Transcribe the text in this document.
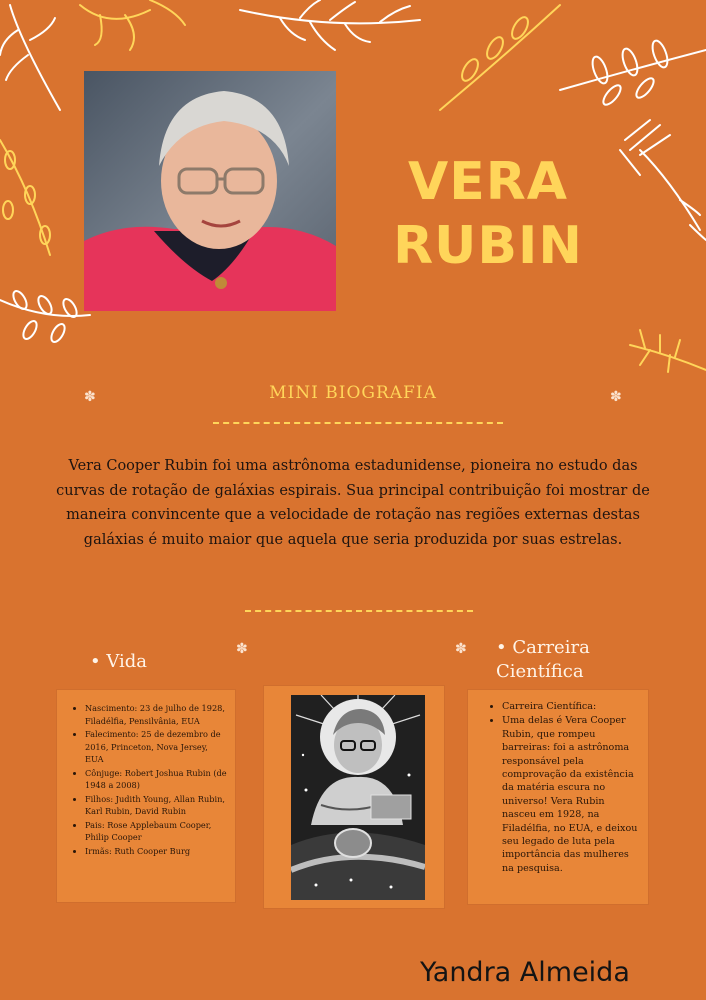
VERA
RUBIN
✽	✽
MINI BIOGRAFIA
Vera Cooper Rubin foi uma astrônoma estadunidense, pioneira no estudo das curvas de rotação de galáxias espirais. Sua principal contribuição foi mostrar de maneira convincente que a velocidade de rotação nas regiões externas destas galáxias é muito maior que aquela que seria produzida por suas estrelas.
✽	✽
• Vida
• Carreira
Científica
• Nascimento: 23 de julho de 1928, Filadélfia, Pensilvânia, EUA
• Falecimento: 25 de dezembro de 2016, Princeton, Nova Jersey, EUA
• Cônjuge: Robert Joshua Rubin (de 1948 a 2008)
• Filhos: Judith Young, Allan Rubin, Karl Rubin, David Rubin
• Pais: Rose Applebaum Cooper, Philip Cooper
• Irmãs: Ruth Cooper Burg
• Carreira Científica:
• Uma delas é Vera Cooper Rubin, que rompeu barreiras: foi a astrônoma responsável pela comprovação da existência da matéria escura no universo! Vera Rubin nasceu em 1928, na Filadélfia, no EUA, e deixou seu legado de luta pela importância das mulheres na pesquisa.
Yandra Almeida
